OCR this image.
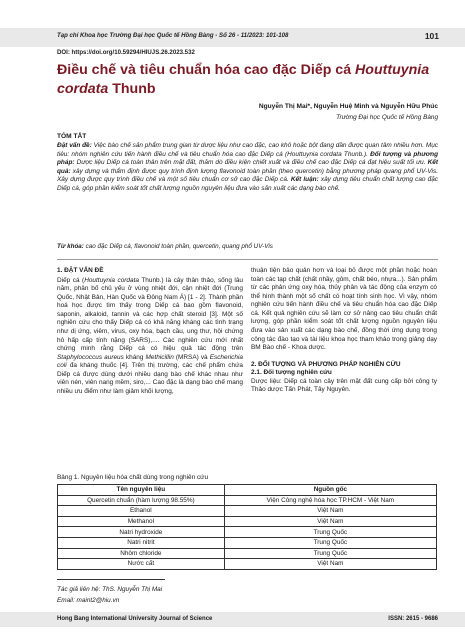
Tạp chí Khoa học Trường Đại học Quốc tế Hồng Bàng - Số 26 - 11/2023: 101-108	101
DOI: https://doi.org/10.59294/HIUJS.26.2023.532
Điều chế và tiêu chuẩn hóa cao đặc Diếp cá Houttuynia cordata Thunb
Nguyễn Thị Mai*, Nguyễn Huệ Minh và Nguyễn Hữu Phúc
Trường Đại học Quốc tế Hồng Bàng
TÓM TẮT

Đặt vấn đề: Việc bào chế sản phẩm trung gian từ dược liệu như cao đặc, cao khô hoặc bột đang dần được quan tâm nhiều hơn. Mục tiêu: nhóm nghiên cứu tiến hành điều chế và tiêu chuẩn hóa cao đặc Diếp cá (Houttuynia cordata Thunb.). Đối tượng và phương pháp: Dược liệu Diếp cá toàn thân trên mặt đất, thăm dò điều kiện chiết xuất và điều chế cao đặc Diếp cá đạt hiệu suất tối ưu. Kết quả: xây dựng và thẩm định được quy trình định lượng flavonoid toàn phần (theo quercetin) bằng phương pháp quang phổ UV-Vis. Xây dựng được quy trình điều chế và một số tiêu chuẩn cơ sở cao đặc Diếp cá. Kết luận: xây dựng tiêu chuẩn chất lượng cao đặc Diếp cá, góp phần kiểm soát tốt chất lượng nguồn nguyên liệu đưa vào sản xuất các dạng bào chế.

Từ khóa: cao đặc Diếp cá, flavonoid toàn phần, quercetin, quang phổ UV-Vis

1. ĐẶT VẤN ĐỀ

Diếp cá (Houttuynia cordata Thunb.) là cây thân thảo, sống lâu năm, phân bố chủ yếu ở vùng nhiệt đới, cận nhiệt đới (Trung Quốc, Nhật Bản, Hàn Quốc và Đông Nam Á) [1 - 2]. Thành phần hoá học được tìm thấy trong Diếp cá bao gồm flavonoid, saponin, alkaloid, tannin và các hợp chất steroid [3]. Một số nghiên cứu cho thấy Diếp cá có khả năng kháng các tình trạng như dị ứng, viêm, virus, oxy hóa, bạch cầu, ung thư, hội chứng hô hấp cấp tính nặng (SARS),.... Các nghiên cứu mới nhất chứng minh rằng Diếp cá có hiệu quả tác động trên Staphylococcus aureus kháng Methicillin (MRSA) và Escherichia coli đa kháng thuốc [4]. Trên thị trường, các chế phẩm chứa Diếp cá được dùng dưới nhiều dạng bào chế khác nhau như viên nén, viên nang mềm, siro,... Cao đặc là dạng bào chế mang nhiều ưu điểm như làm giảm khối lượng,

thuận tiện bảo quản hơn và loại bỏ được một phần hoặc hoàn toàn các tạp chất (chất nhầy, gôm, chất béo, nhựa...). Sản phẩm từ các phản ứng oxy hóa, thủy phân và tác động của enzym có thể hình thành một số chất có hoạt tính sinh học. Vì vậy, nhóm nghiên cứu tiến hành điều chế và tiêu chuẩn hóa cao đặc Diếp cá. Kết quả nghiên cứu sẽ làm cơ sở nâng cao tiêu chuẩn chất lượng, góp phần kiểm soát tốt chất lượng nguồn nguyên liệu đưa vào sản xuất các dạng bào chế, đồng thời ứng dụng trong công tác đào tạo và tài liệu khoa học tham khảo trong giảng dạy BM Bào chế - Khoa dược.

2. ĐỐI TƯỢNG VÀ PHƯƠNG PHÁP NGHIÊN CỨU

2.1. Đối tượng nghiên cứu

Dược liệu: Diếp cá toàn cây trên mặt đất cung cấp bởi công ty Thảo dược Tấn Phát, Tây Nguyên.

Bảng 1. Nguyên liệu hóa chất dùng trong nghiên cứu
Tên nguyên liệu	Nguồn gốc
Quercetin chuẩn (hàm lượng 98.55%)	Viện Công nghệ hóa học TP.HCM - Việt Nam
Ethanol	Việt Nam
Methanol	Việt Nam
Natri hydroxide	Trung Quốc
Natri nitrit	Trung Quốc
Nhôm chloride	Trung Quốc
Nước cất	Việt Nam
Tác giả liên hệ: ThS. Nguyễn Thị Mai
Email: maint2@hiu.vn
Hong Bang International University Journal of Science	ISSN: 2615 - 9686
